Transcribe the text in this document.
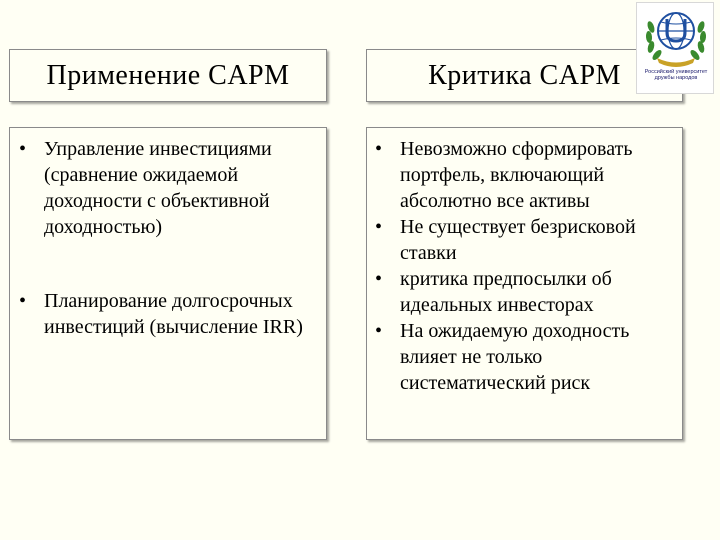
Применение CAPM	Критика CAPM
• Управление инвестициями (сравнение ожидаемой доходности с объективной доходностью)
• Планирование долгосрочных инвестиций (вычисление IRR)
• Невозможно сформировать портфель, включающий абсолютно все активы
• Не существует безрисковой ставки
• критика предпосылки об идеальных инвесторах
• На ожидаемую доходность влияет не только систематический риск
Российский университет дружбы народов
